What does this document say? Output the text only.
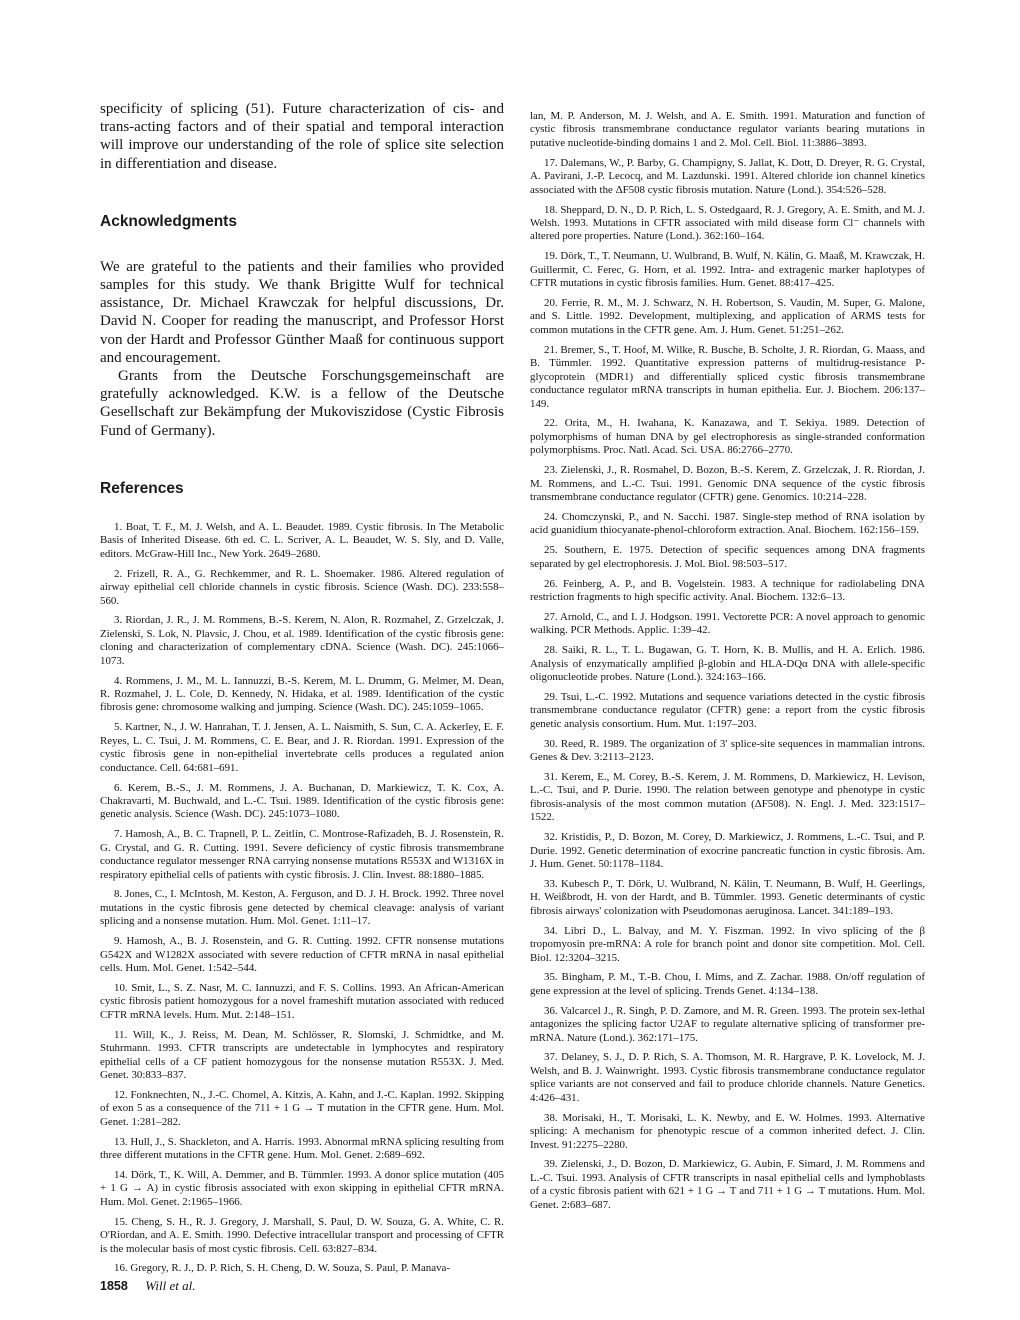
specificity of splicing (51). Future characterization of cis- and trans-acting factors and of their spatial and temporal interaction will improve our understanding of the role of splice site selection in differentiation and disease.

Acknowledgments

We are grateful to the patients and their families who provided samples for this study. We thank Brigitte Wulf for technical assistance, Dr. Michael Krawczak for helpful discussions, Dr. David N. Cooper for reading the manuscript, and Professor Horst von der Hardt and Professor Günther Maaß for continuous support and encouragement.

Grants from the Deutsche Forschungsgemeinschaft are gratefully acknowledged. K.W. is a fellow of the Deutsche Gesellschaft zur Bekämpfung der Mukoviszidose (Cystic Fibrosis Fund of Germany).

References
1. Boat, T. F., M. J. Welsh, and A. L. Beaudet. 1989. Cystic fibrosis. In The Metabolic Basis of Inherited Disease. 6th ed. C. L. Scriver, A. L. Beaudet, W. S. Sly, and D. Valle, editors. McGraw-Hill Inc., New York. 2649–2680.
2. Frizell, R. A., G. Rechkemmer, and R. L. Shoemaker. 1986. Altered regulation of airway epithelial cell chloride channels in cystic fibrosis. Science (Wash. DC). 233:558–560.
3. Riordan, J. R., J. M. Rommens, B.-S. Kerem, N. Alon, R. Rozmahel, Z. Grzelczak, J. Zielenski, S. Lok, N. Plavsic, J. Chou, et al. 1989. Identification of the cystic fibrosis gene: cloning and characterization of complementary cDNA. Science (Wash. DC). 245:1066–1073.
4. Rommens, J. M., M. L. Iannuzzi, B.-S. Kerem, M. L. Drumm, G. Melmer, M. Dean, R. Rozmahel, J. L. Cole, D. Kennedy, N. Hidaka, et al. 1989. Identification of the cystic fibrosis gene: chromosome walking and jumping. Science (Wash. DC). 245:1059–1065.
5. Kartner, N., J. W. Hanrahan, T. J. Jensen, A. L. Naismith, S. Sun, C. A. Ackerley, E. F. Reyes, L. C. Tsui, J. M. Rommens, C. E. Bear, and J. R. Riordan. 1991. Expression of the cystic fibrosis gene in non-epithelial invertebrate cells produces a regulated anion conductance. Cell. 64:681–691.
6. Kerem, B.-S., J. M. Rommens, J. A. Buchanan, D. Markiewicz, T. K. Cox, A. Chakravarti, M. Buchwald, and L.-C. Tsui. 1989. Identification of the cystic fibrosis gene: genetic analysis. Science (Wash. DC). 245:1073–1080.
7. Hamosh, A., B. C. Trapnell, P. L. Zeitlin, C. Montrose-Rafizadeh, B. J. Rosenstein, R. G. Crystal, and G. R. Cutting. 1991. Severe deficiency of cystic fibrosis transmembrane conductance regulator messenger RNA carrying nonsense mutations R553X and W1316X in respiratory epithelial cells of patients with cystic fibrosis. J. Clin. Invest. 88:1880–1885.
8. Jones, C., I. McIntosh, M. Keston, A. Ferguson, and D. J. H. Brock. 1992. Three novel mutations in the cystic fibrosis gene detected by chemical cleavage: analysis of variant splicing and a nonsense mutation. Hum. Mol. Genet. 1:11–17.
9. Hamosh, A., B. J. Rosenstein, and G. R. Cutting. 1992. CFTR nonsense mutations G542X and W1282X associated with severe reduction of CFTR mRNA in nasal epithelial cells. Hum. Mol. Genet. 1:542–544.
10. Smit, L., S. Z. Nasr, M. C. Iannuzzi, and F. S. Collins. 1993. An African-American cystic fibrosis patient homozygous for a novel frameshift mutation associated with reduced CFTR mRNA levels. Hum. Mut. 2:148–151.
11. Will, K., J. Reiss, M. Dean, M. Schlösser, R. Slomski, J. Schmidtke, and M. Stuhrmann. 1993. CFTR transcripts are undetectable in lymphocytes and respiratory epithelial cells of a CF patient homozygous for the nonsense mutation R553X. J. Med. Genet. 30:833–837.
12. Fonknechten, N., J.-C. Chomel, A. Kitzis, A. Kahn, and J.-C. Kaplan. 1992. Skipping of exon 5 as a consequence of the 711 + 1 G → T mutation in the CFTR gene. Hum. Mol. Genet. 1:281–282.
13. Hull, J., S. Shackleton, and A. Harris. 1993. Abnormal mRNA splicing resulting from three different mutations in the CFTR gene. Hum. Mol. Genet. 2:689–692.
14. Dörk, T., K. Will, A. Demmer, and B. Tümmler. 1993. A donor splice mutation (405 + 1 G → A) in cystic fibrosis associated with exon skipping in epithelial CFTR mRNA. Hum. Mol. Genet. 2:1965–1966.
15. Cheng, S. H., R. J. Gregory, J. Marshall, S. Paul, D. W. Souza, G. A. White, C. R. O'Riordan, and A. E. Smith. 1990. Defective intracellular transport and processing of CFTR is the molecular basis of most cystic fibrosis. Cell. 63:827–834.
16. Gregory, R. J., D. P. Rich, S. H. Cheng, D. W. Souza, S. Paul, P. Manava-
lan, M. P. Anderson, M. J. Welsh, and A. E. Smith. 1991. Maturation and function of cystic fibrosis transmembrane conductance regulator variants bearing mutations in putative nucleotide-binding domains 1 and 2. Mol. Cell. Biol. 11:3886–3893.
17. Dalemans, W., P. Barby, G. Champigny, S. Jallat, K. Dott, D. Dreyer, R. G. Crystal, A. Pavirani, J.-P. Lecocq, and M. Lazdunski. 1991. Altered chloride ion channel kinetics associated with the ΔF508 cystic fibrosis mutation. Nature (Lond.). 354:526–528.
18. Sheppard, D. N., D. P. Rich, L. S. Ostedgaard, R. J. Gregory, A. E. Smith, and M. J. Welsh. 1993. Mutations in CFTR associated with mild disease form Cl⁻ channels with altered pore properties. Nature (Lond.). 362:160–164.
19. Dörk, T., T. Neumann, U. Wulbrand, B. Wulf, N. Kälin, G. Maaß, M. Krawczak, H. Guillermit, C. Ferec, G. Horn, et al. 1992. Intra- and extragenic marker haplotypes of CFTR mutations in cystic fibrosis families. Hum. Genet. 88:417–425.
20. Ferrie, R. M., M. J. Schwarz, N. H. Robertson, S. Vaudin, M. Super, G. Malone, and S. Little. 1992. Development, multiplexing, and application of ARMS tests for common mutations in the CFTR gene. Am. J. Hum. Genet. 51:251–262.
21. Bremer, S., T. Hoof, M. Wilke, R. Busche, B. Scholte, J. R. Riordan, G. Maass, and B. Tümmler. 1992. Quantitative expression patterns of multidrug-resistance P-glycoprotein (MDR1) and differentially spliced cystic fibrosis transmembrane conductance regulator mRNA transcripts in human epithelia. Eur. J. Biochem. 206:137–149.
22. Orita, M., H. Iwahana, K. Kanazawa, and T. Sekiya. 1989. Detection of polymorphisms of human DNA by gel electrophoresis as single-stranded conformation polymorphisms. Proc. Natl. Acad. Sci. USA. 86:2766–2770.
23. Zielenski, J., R. Rosmahel, D. Bozon, B.-S. Kerem, Z. Grzelczak, J. R. Riordan, J. M. Rommens, and L.-C. Tsui. 1991. Genomic DNA sequence of the cystic fibrosis transmembrane conductance regulator (CFTR) gene. Genomics. 10:214–228.
24. Chomczynski, P., and N. Sacchi. 1987. Single-step method of RNA isolation by acid guanidium thiocyanate-phenol-chloroform extraction. Anal. Biochem. 162:156–159.
25. Southern, E. 1975. Detection of specific sequences among DNA fragments separated by gel electrophoresis. J. Mol. Biol. 98:503–517.
26. Feinberg, A. P., and B. Vogelstein. 1983. A technique for radiolabeling DNA restriction fragments to high specific activity. Anal. Biochem. 132:6–13.
27. Arnold, C., and I. J. Hodgson. 1991. Vectorette PCR: A novel approach to genomic walking. PCR Methods. Applic. 1:39–42.
28. Saiki, R. L., T. L. Bugawan, G. T. Horn, K. B. Mullis, and H. A. Erlich. 1986. Analysis of enzymatically amplified β-globin and HLA-DQα DNA with allele-specific oligonucleotide probes. Nature (Lond.). 324:163–166.
29. Tsui, L.-C. 1992. Mutations and sequence variations detected in the cystic fibrosis transmembrane conductance regulator (CFTR) gene: a report from the cystic fibrosis genetic analysis consortium. Hum. Mut. 1:197–203.
30. Reed, R. 1989. The organization of 3′ splice-site sequences in mammalian introns. Genes & Dev. 3:2113–2123.
31. Kerem, E., M. Corey, B.-S. Kerem, J. M. Rommens, D. Markiewicz, H. Levison, L.-C. Tsui, and P. Durie. 1990. The relation between genotype and phenotype in cystic fibrosis-analysis of the most common mutation (ΔF508). N. Engl. J. Med. 323:1517–1522.
32. Kristidis, P., D. Bozon, M. Corey, D. Markiewicz, J. Rommens, L.-C. Tsui, and P. Durie. 1992. Genetic determination of exocrine pancreatic function in cystic fibrosis. Am. J. Hum. Genet. 50:1178–1184.
33. Kubesch P., T. Dörk, U. Wulbrand, N. Kälin, T. Neumann, B. Wulf, H. Geerlings, H. Weißbrodt, H. von der Hardt, and B. Tümmler. 1993. Genetic determinants of cystic fibrosis airways' colonization with Pseudomonas aeruginosa. Lancet. 341:189–193.
34. Libri D., L. Balvay, and M. Y. Fiszman. 1992. In vivo splicing of the β tropomyosin pre-mRNA: A role for branch point and donor site competition. Mol. Cell. Biol. 12:3204–3215.
35. Bingham, P. M., T.-B. Chou, I. Mims, and Z. Zachar. 1988. On/off regulation of gene expression at the level of splicing. Trends Genet. 4:134–138.
36. Valcarcel J., R. Singh, P. D. Zamore, and M. R. Green. 1993. The protein sex-lethal antagonizes the splicing factor U2AF to regulate alternative splicing of transformer pre-mRNA. Nature (Lond.). 362:171–175.
37. Delaney, S. J., D. P. Rich, S. A. Thomson, M. R. Hargrave, P. K. Lovelock, M. J. Welsh, and B. J. Wainwright. 1993. Cystic fibrosis transmembrane conductance regulator splice variants are not conserved and fail to produce chloride channels. Nature Genetics. 4:426–431.
38. Morisaki, H., T. Morisaki, L. K. Newby, and E. W. Holmes. 1993. Alternative splicing: A mechanism for phenotypic rescue of a common inherited defect. J. Clin. Invest. 91:2275–2280.
39. Zielenski, J., D. Bozon, D. Markiewicz, G. Aubin, F. Simard, J. M. Rommens and L.-C. Tsui. 1993. Analysis of CFTR transcripts in nasal epithelial cells and lymphoblasts of a cystic fibrosis patient with 621 + 1 G → T and 711 + 1 G → T mutations. Hum. Mol. Genet. 2:683–687.
1858 Will et al.
